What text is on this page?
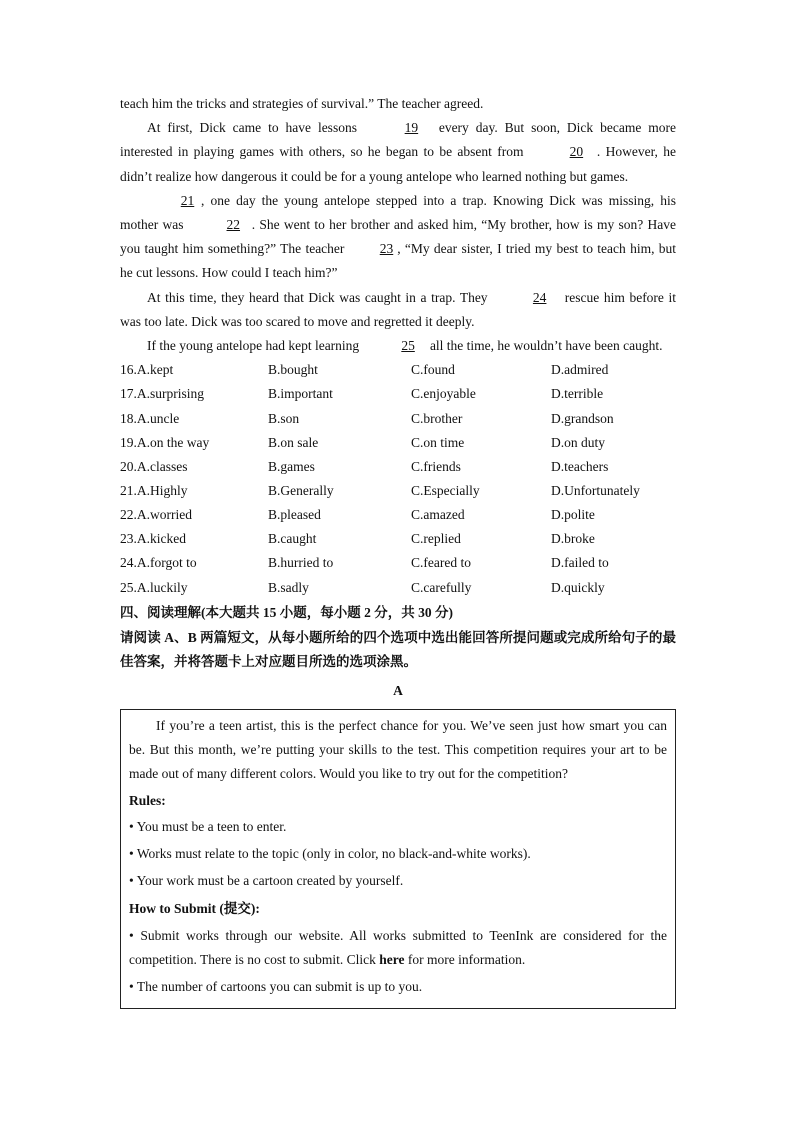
teach him the tricks and strategies of survival.” The teacher agreed.

At first, Dick came to have lessons	19 every day. But soon, Dick became more interested in playing games with others, so he began to be absent from	20 . However, he didn’t realize how dangerous it could be for a young antelope who learned nothing but games.

21 , one day the young antelope stepped into a trap. Knowing Dick was missing, his mother was	22 . She went to her brother and asked him, “My brother, how is my son? Have you taught him something?” The teacher	23 , “My dear sister, I tried my best to teach him, but he cut lessons. How could I teach him?”

At this time, they heard that Dick was caught in a trap. They	24 rescue him before it was too late. Dick was too scared to move and regretted it deeply.

If the young antelope had kept learning	25 all the time, he wouldn’t have been caught.

16.A.kept	B.bought	C.found	D.admired
17.A.surprising	B.important	C.enjoyable	D.terrible
18.A.uncle	B.son	C.brother	D.grandson
19.A.on the way	B.on sale	C.on time	D.on duty
20.A.classes	B.games	C.friends	D.teachers
21.A.Highly	B.Generally	C.Especially	D.Unfortunately
22.A.worried	B.pleased	C.amazed	D.polite
23.A.kicked	B.caught	C.replied	D.broke
24.A.forgot to	B.hurried to	C.feared to	D.failed to
25.A.luckily	B.sadly	C.carefully	D.quickly
四、阅读理解(本大题共 15 小题，每小题 2 分，共 30 分)

请阅读 A、B 两篇短文，从每小题所给的四个选项中选出能回答所提问题或完成所给句子的最佳答案，并将答题卡上对应题目所选的选项涂黑。

A

If you’re a teen artist, this is the perfect chance for you. We’ve seen just how smart you can be. But this month, we’re putting your skills to the test. This competition requires your art to be made out of many different colors. Would you like to try out for the competition?

Rules:
• You must be a teen to enter.
• Works must relate to the topic (only in color, no black-and-white works).
• Your work must be a cartoon created by yourself.
How to Submit (提交):

• Submit works through our website. All works submitted to TeenInk are considered for the competition. There is no cost to submit. Click here for more information.

• The number of cartoons you can submit is up to you.
